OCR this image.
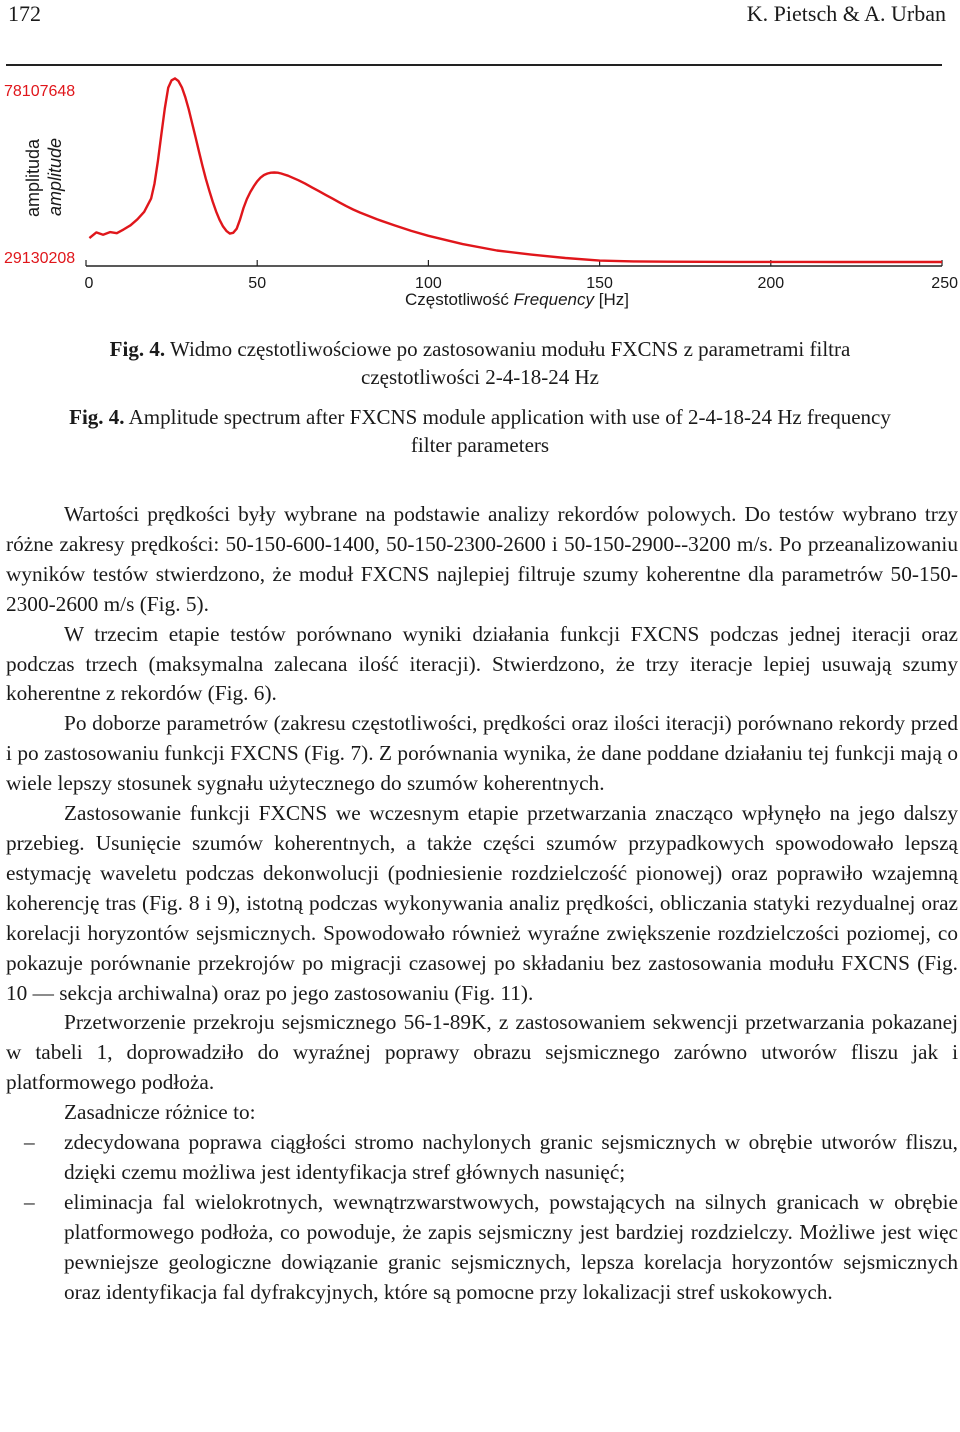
172	K. Pietsch & A. Urban
78107648
29130208
amplituda amplitude
0	50	100	150	200	250
Częstotliwość Frequency [Hz]
Fig. 4. Widmo częstotliwościowe po zastosowaniu modułu FXCNS z parametrami filtra
częstotliwości 2-4-18-24 Hz
Fig. 4. Amplitude spectrum after FXCNS module application with use of 2-4-18-24 Hz frequency
filter parameters

Wartości prędkości były wybrane na podstawie analizy rekordów polowych. Do testów wybrano trzy różne zakresy prędkości: 50-150-600-1400, 50-150-2300-2600 i 50-150-2900--3200 m/s. Po przeanalizowaniu wyników testów stwierdzono, że moduł FXCNS najlepiej filtruje szumy koherentne dla parametrów 50-150-2300-2600 m/s (Fig. 5).

W trzecim etapie testów porównano wyniki działania funkcji FXCNS podczas jednej iteracji oraz podczas trzech (maksymalna zalecana ilość iteracji). Stwierdzono, że trzy iteracje lepiej usuwają szumy koherentne z rekordów (Fig. 6).

Po doborze parametrów (zakresu częstotliwości, prędkości oraz ilości iteracji) porównano rekordy przed i po zastosowaniu funkcji FXCNS (Fig. 7). Z porównania wynika, że dane poddane działaniu tej funkcji mają o wiele lepszy stosunek sygnału użytecznego do szumów koherentnych.

Zastosowanie funkcji FXCNS we wczesnym etapie przetwarzania znacząco wpłynęło na jego dalszy przebieg. Usunięcie szumów koherentnych, a także części szumów przypadkowych spowodowało lepszą estymację waveletu podczas dekonwolucji (podniesienie rozdzielczość pionowej) oraz poprawiło wzajemną koherencję tras (Fig. 8 i 9), istotną podczas wykonywania analiz prędkości, obliczania statyki rezydualnej oraz korelacji horyzontów sejsmicznych. Spowodowało również wyraźne zwiększenie rozdzielczości poziomej, co pokazuje porównanie przekrojów po migracji czasowej po składaniu bez zastosowania modułu FXCNS (Fig. 10 — sekcja archiwalna) oraz po jego zastosowaniu (Fig. 11).

Przetworzenie przekroju sejsmicznego 56-1-89K, z zastosowaniem sekwencji przetwarzania pokazanej w tabeli 1, doprowadziło do wyraźnej poprawy obrazu sejsmicznego zarówno utworów fliszu jak i platformowego podłoża.

Zasadnicze różnice to:

– zdecydowana poprawa ciągłości stromo nachylonych granic sejsmicznych w obrębie utworów fliszu, dzięki czemu możliwa jest identyfikacja stref głównych nasunięć;
– eliminacja fal wielokrotnych, wewnątrzwarstwowych, powstających na silnych granicach w obrębie platformowego podłoża, co powoduje, że zapis sejsmiczny jest bardziej rozdzielczy. Możliwe jest więc pewniejsze geologiczne dowiązanie granic sejsmicznych, lepsza korelacja horyzontów sejsmicznych oraz identyfikacja fal dyfrakcyjnych, które są pomocne przy lokalizacji stref uskokowych.
